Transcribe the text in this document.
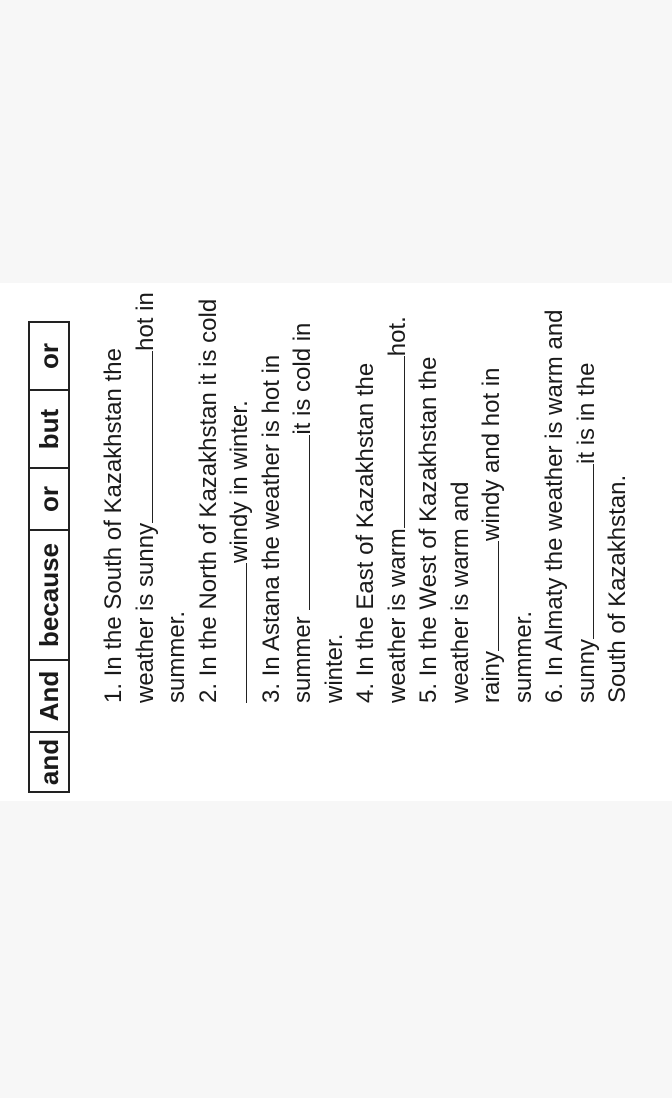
and
And
because
or
but
or 1. In the South of Kazakhstan the weather is sunnyhot in
summer. 2. In the North of Kazakhstan it is cold windy in winter. 3. In Astana the weather is hot in summer it is cold in
winter. 4. In the East of Kazakhstan the weather is warmhot.
5. In the West of Kazakhstan the weather is warm and rainywindy and hot in
summer. 6. In Almaty the weather is warm and sunnyit is in the
South of Kazakhstan.
